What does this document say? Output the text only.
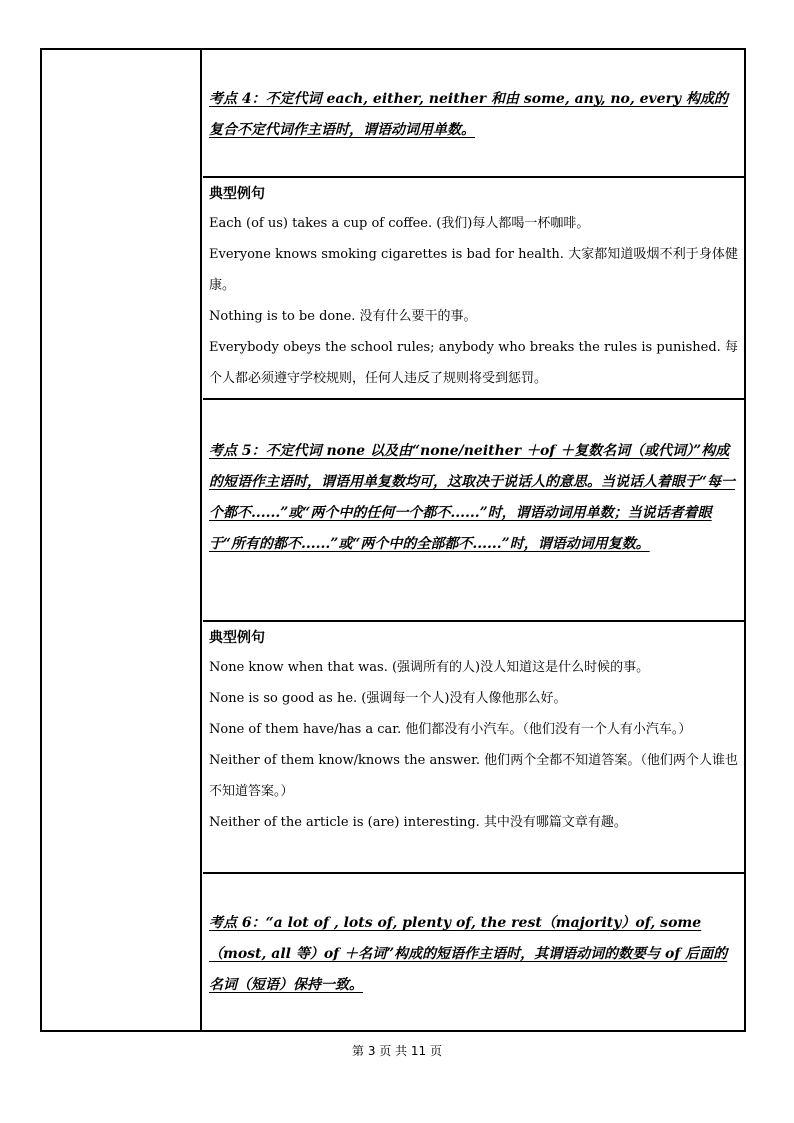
考点 4：不定代词 each, either, neither 和由 some, any, no, every 构成的复合不定代词作主语时，谓语动词用单数。
典型例句

Each (of us) takes a cup of coffee. (我们)每人都喝一杯咖啡。

Everyone knows smoking cigarettes is bad for health. 大家都知道吸烟不利于身体健康。

Nothing is to be done. 没有什么要干的事。

Everybody obeys the school rules; anybody who breaks the rules is punished. 每个人都必须遵守学校规则，任何人违反了规则将受到惩罚。

考点 5：不定代词 none 以及由“none/neither ＋of ＋复数名词（或代词）”构成的短语作主语时，谓语用单复数均可，这取决于说话人的意思。当说话人着眼于“每一个都不......”或“两个中的任何一个都不......”时，谓语动词用单数；当说话者着眼于“所有的都不......”或“两个中的全部都不......”时，谓语动词用复数。
典型例句

None know when that was. (强调所有的人)没人知道这是什么时候的事。

None is so good as he. (强调每一个人)没有人像他那么好。

None of them have/has a car. 他们都没有小汽车。（他们没有一个人有小汽车。）

Neither of them know/knows the answer. 他们两个全都不知道答案。（他们两个人谁也不知道答案。）

Neither of the article is (are) interesting. 其中没有哪篇文章有趣。

考点 6：“a lot of , lots of, plenty of, the rest（majority）of, some（most, all 等）of ＋名词”构成的短语作主语时，其谓语动词的数要与 of 后面的名词（短语）保持一致。
第 3 页 共 11 页
